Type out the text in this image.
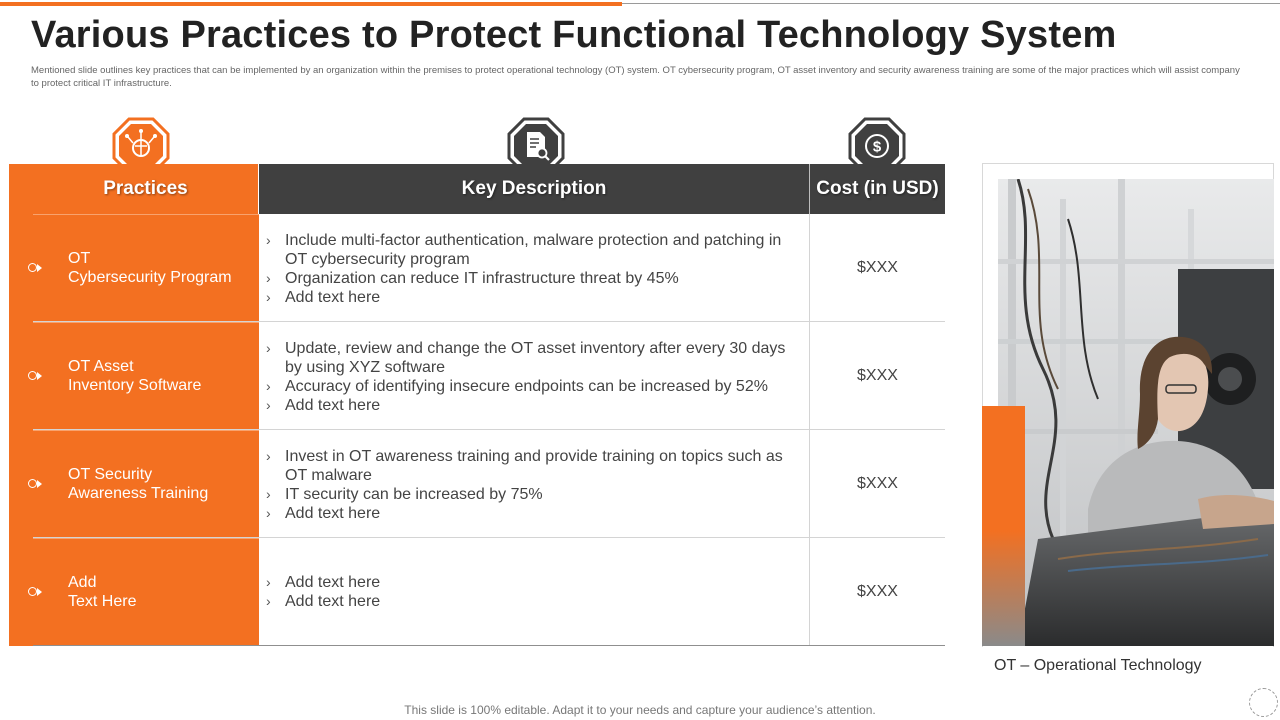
Various Practices to Protect Functional Technology System

Mentioned slide outlines key practices that can be implemented by an organization within the premises to protect operational technology (OT) system. OT cybersecurity program, OT asset inventory and security awareness training are some of the major practices which will assist company to protect critical IT infrastructure.

$
Practices	Key Description	Cost (in USD)
OT
Cybersecurity Program
› Include multi-factor authentication, malware protection and patching in OT cybersecurity program
› Organization can reduce IT infrastructure threat by 45%
› Add text here
$XXX
OT Asset
Inventory Software
› Update, review and change the OT asset inventory after every 30 days by using XYZ software
› Accuracy of identifying insecure endpoints can be increased by 52%
› Add text here
$XXX
OT Security
Awareness Training
› Invest in OT awareness training and provide training on topics such as OT malware
› IT security can be increased by 75%
› Add text here
$XXX
Add
Text Here
› Add text here
› Add text here
$XXX
OT – Operational Technology
This slide is 100% editable. Adapt it to your needs and capture your audience’s attention.
